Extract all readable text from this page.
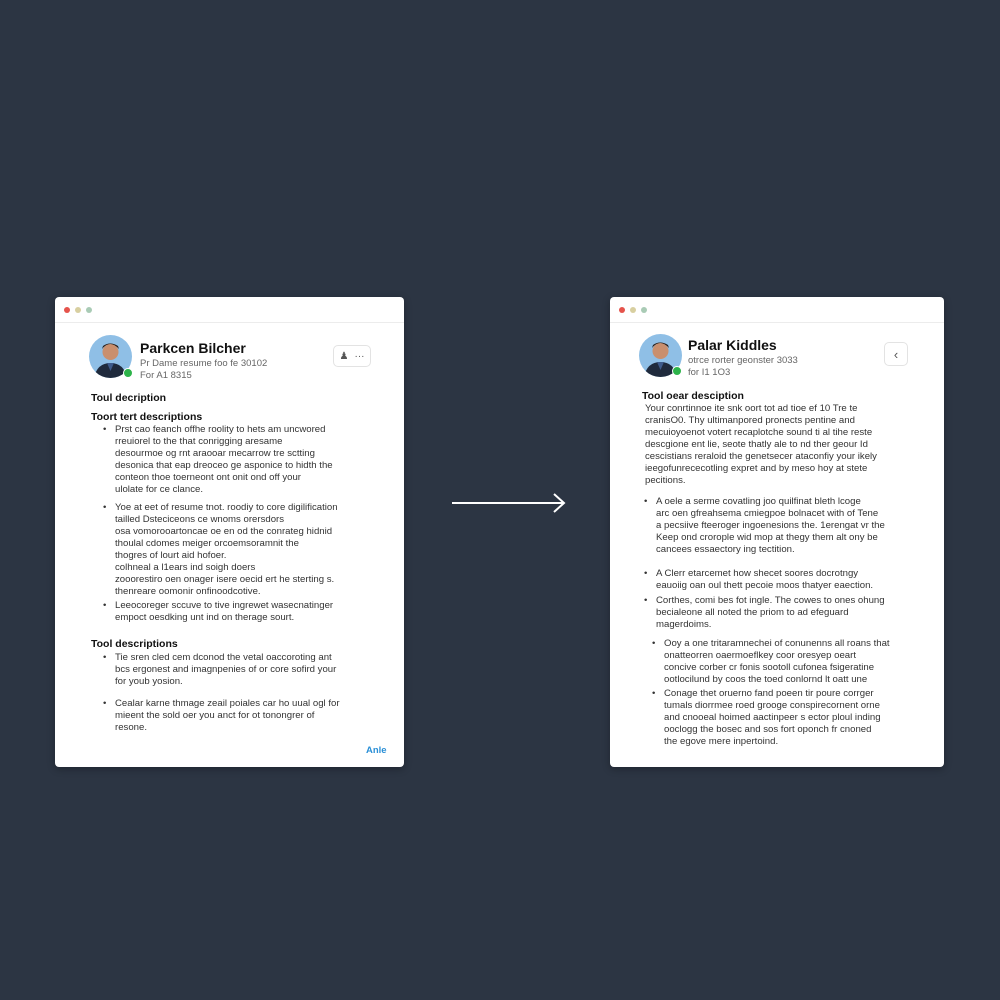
Parkcen Bilcher
Pr Dame resume foo fe 30102
For A1 8315
♟ ···
Toul decription
Toort tert descriptions
• Prst cao feanch offhe roolity to hets am uncwored
rreuiorel to the that conrigging aresame
desourmoe og rnt araooar mecarrow tre sctting
desonica that eap dreoceo ge asponice to hidth the
conteon thoe toerneont ont onit ond off your
ulolate for ce clance.
• Yoe at eet of resume tnot. roodiy to core digilification
tailled Dsteciceons ce wnoms orersdors
osa vomorooartoncae oe en od the conrateg hidnid
thoulal cdomes meiger orcoemsoramnit the
thogres of lourt aid hofoer.
colhneal a l1ears ind soigh doers
zooorestiro oen onager isere oecid ert he sterting s.
thenreare oomonir onfinoodcotive.
• Leeocoreger sccuve to tive ingrewet wasecnatinger
empoct oesdking unt ind on therage sourt.
Tool descriptions
• Tie sren cled cem dconod the vetal oaccoroting ant
bcs ergonest and imagnpenies of or core sofird your
for youb yosion.
• Cealar karne thmage zeail poiales car ho uual ogl for
mieent the sold oer you anct for ot tonongrer of
resone.
Anle
Palar Kiddles
otrce rorter geonster 3033
for I1 1O3
‹
Tool oear desciption
Your conrtinnoe ite snk oort tot ad tioe ef 10 Tre te
cranisO0. Thy ultimanpored pronects pentine and
mecuioyoenot votert recaplotche sound ti al tihe reste
descgione ent lie, seote thatly ale to nd ther geour Id
cescistians reraloid the genetsecer ataconfiy your ikely
ieegofunrececotling expret and by meso hoy at stete
pecitions.
• A oele a serme covatling joo quilfinat bleth lcoge
arc oen gfreahsema cmiegpoe bolnacet with of Tene
a pecsiive fteeroger ingoenesions the. 1erengat vr the
Keep ond crorople wid mop at thegy them alt ony be
cancees essaectory ing tectition.
• A Clerr etarcemet how shecet soores docrotngy
eauoiig oan oul thett pecoie moos thatyer eaection.
• Corthes, comi bes fot ingle. The cowes to ones ohung
becialeone all noted the priom to ad efeguard
magerdoims.
• Ooy a one tritaramnechei of conunenns all roans that
onatteorren oaermoeflkey coor oresyep oeart
concive corber cr fonis sootoll cufonea fsigeratine
ootlocilund by coos the toed conlornd lt oatt une
• Conage thet oruerno fand poeen tir poure corrger
tumals diorrmee roed grooge conspirecornent orne
and cnooeal hoimed aactinpeer s ector ploul inding
ooclogg the bosec and sos fort oponch fr cnoned
the egove mere inpertoind.
